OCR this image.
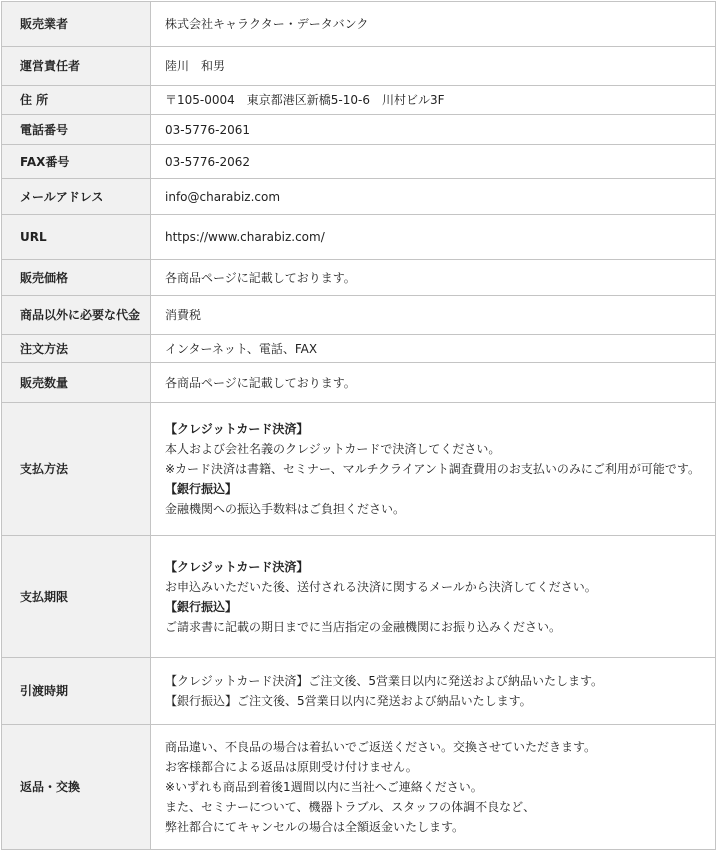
販売業者	株式会社キャラクター・データバンク

運営責任者	陸川　和男

住 所	〒105-0004　東京都港区新橋5-10-6　川村ビル3F

電話番号	03-5776-2061

FAX番号	03-5776-2062

メールアドレス	info@charabiz.com

URL	https://www.charabiz.com/

販売価格	各商品ページに記載しております。

商品以外に必要な代金	消費税

注文方法	インターネット、電話、FAX

販売数量	各商品ページに記載しております。

支払方法	【クレジットカード決済】
本人および会社名義のクレジットカードで決済してください。
※カード決済は書籍、セミナー、マルチクライアント調査費用のお支払いのみにご利用が可能です。
【銀行振込】
金融機関への振込手数料はご負担ください。

支払期限	【クレジットカード決済】
お申込みいただいた後、送付される決済に関するメールから決済してください。
【銀行振込】
ご請求書に記載の期日までに当店指定の金融機関にお振り込みください。

引渡時期	【クレジットカード決済】ご注文後、5営業日以内に発送および納品いたします。
【銀行振込】ご注文後、5営業日以内に発送および納品いたします。

返品・交換	商品違い、不良品の場合は着払いでご返送ください。交換させていただきます。
お客様都合による返品は原則受け付けません。
※いずれも商品到着後1週間以内に当社へご連絡ください。
また、セミナーについて、機器トラブル、スタッフの体調不良など、
弊社都合にてキャンセルの場合は全額返金いたします。
